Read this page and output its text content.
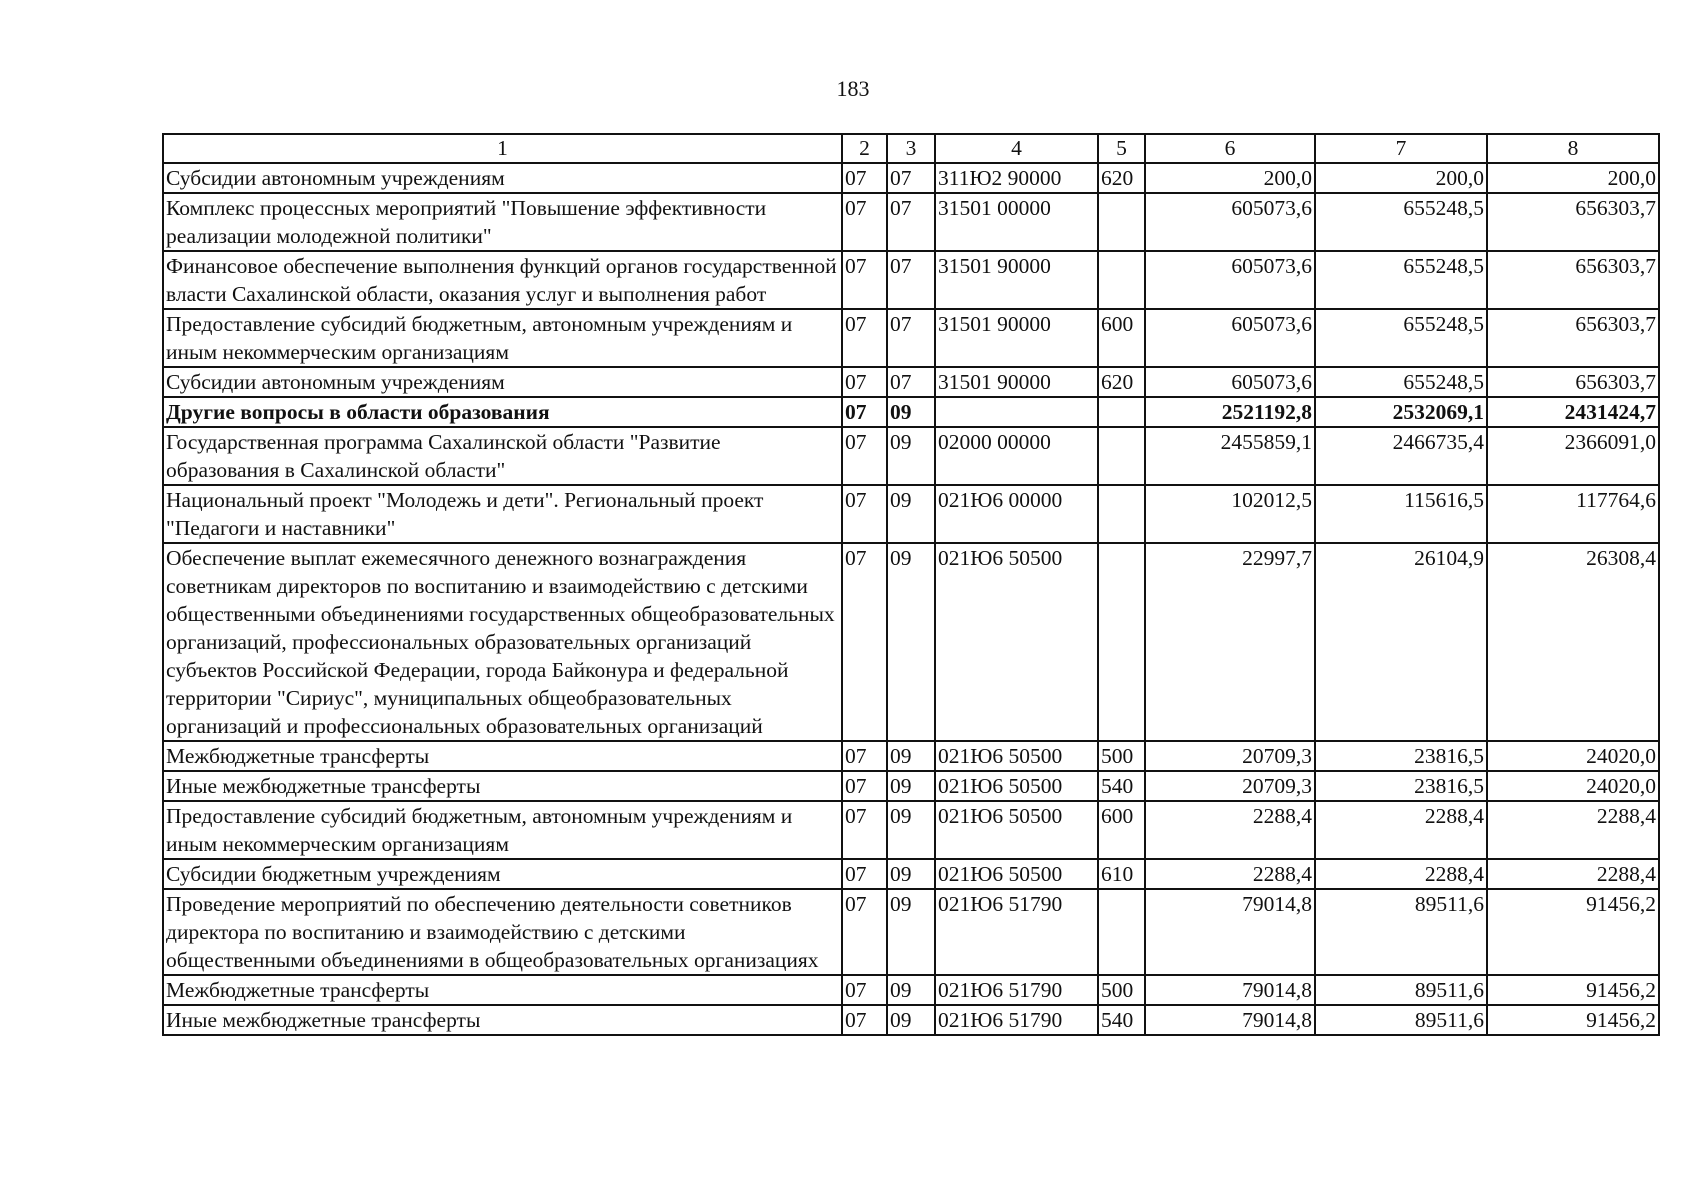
183
1	2	3	4	5	6	7	8
Субсидии автономным учреждениям	07	07	311Ю2 90000	620	200,0	200,0	200,0
Комплекс процессных мероприятий "Повышение эффективности реализации молодежной политики"	07	07	31501 00000		605073,6	655248,5	656303,7
Финансовое обеспечение выполнения функций органов государственной власти Сахалинской области, оказания услуг и выполнения работ	07	07	31501 90000		605073,6	655248,5	656303,7
Предоставление субсидий бюджетным, автономным учреждениям и иным некоммерческим организациям	07	07	31501 90000	600	605073,6	655248,5	656303,7
Субсидии автономным учреждениям	07	07	31501 90000	620	605073,6	655248,5	656303,7
Другие вопросы в области образования	07	09			2521192,8	2532069,1	2431424,7
Государственная программа Сахалинской области "Развитие образования в Сахалинской области"	07	09	02000 00000		2455859,1	2466735,4	2366091,0
Национальный проект "Молодежь и дети". Региональный проект "Педагоги и наставники"	07	09	021Ю6 00000		102012,5	115616,5	117764,6
Обеспечение выплат ежемесячного денежного вознаграждения советникам директоров по воспитанию и взаимодействию с детскими общественными объединениями государственных общеобразовательных организаций, профессиональных образовательных организаций субъектов Российской Федерации, города Байконура и федеральной территории "Сириус", муниципальных общеобразовательных организаций и профессиональных образовательных организаций	07	09	021Ю6 50500		22997,7	26104,9	26308,4
Межбюджетные трансферты	07	09	021Ю6 50500	500	20709,3	23816,5	24020,0
Иные межбюджетные трансферты	07	09	021Ю6 50500	540	20709,3	23816,5	24020,0
Предоставление субсидий бюджетным, автономным учреждениям и иным некоммерческим организациям	07	09	021Ю6 50500	600	2288,4	2288,4	2288,4
Субсидии бюджетным учреждениям	07	09	021Ю6 50500	610	2288,4	2288,4	2288,4
Проведение мероприятий по обеспечению деятельности советников директора по воспитанию и взаимодействию с детскими общественными объединениями в общеобразовательных организациях	07	09	021Ю6 51790		79014,8	89511,6	91456,2
Межбюджетные трансферты	07	09	021Ю6 51790	500	79014,8	89511,6	91456,2
Иные межбюджетные трансферты	07	09	021Ю6 51790	540	79014,8	89511,6	91456,2
